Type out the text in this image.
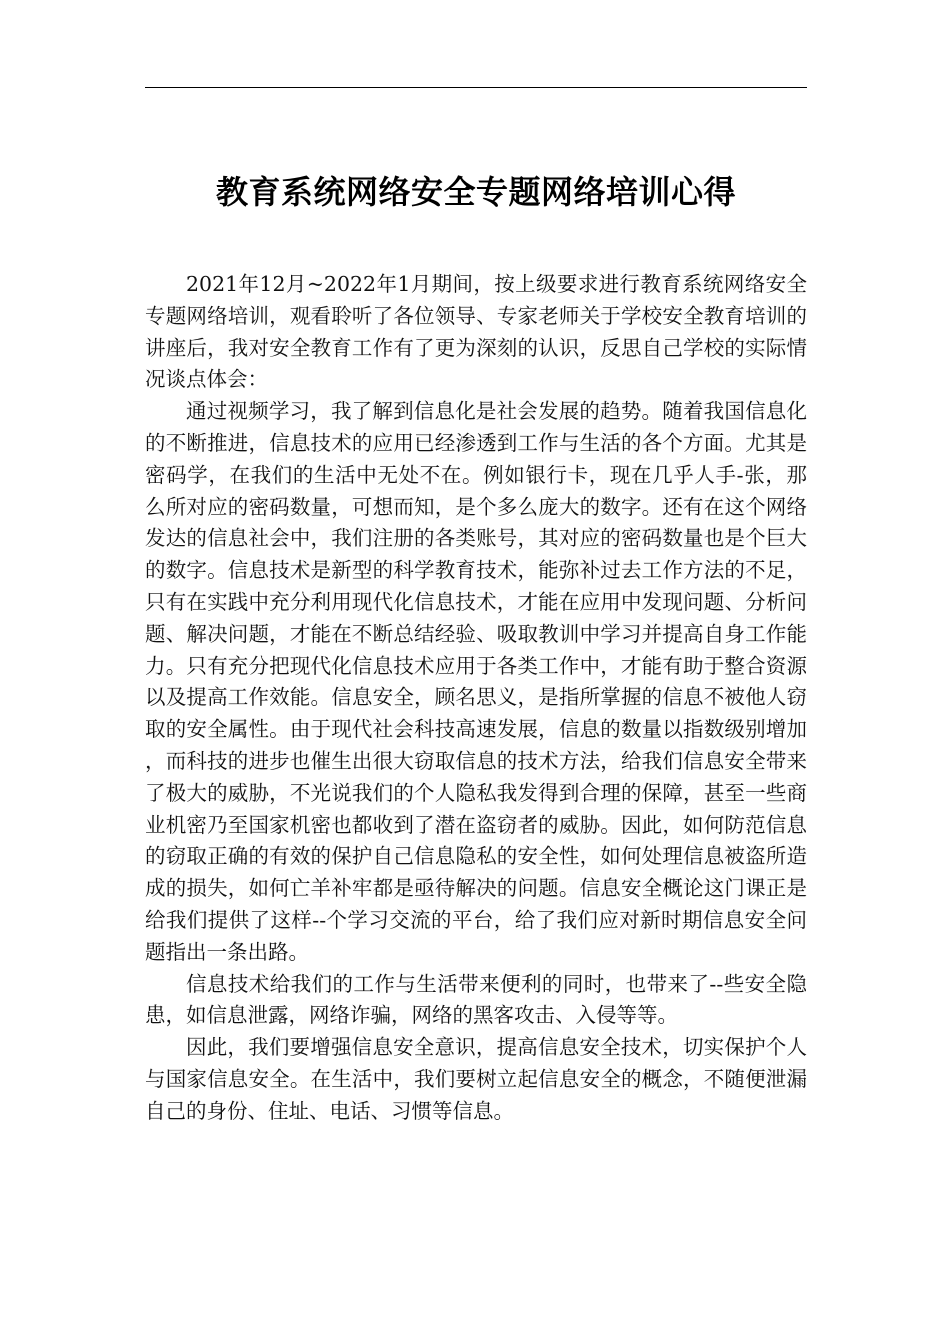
教育系统网络安全专题网络培训心得

2021年12月~2022年1月期间，按上级要求进行教育系统网络安全专题网络培训，观看聆听了各位领导、专家老师关于学校安全教育培训的讲座后，我对安全教育工作有了更为深刻的认识，反思自己学校的实际情况谈点体会：

通过视频学习，我了解到信息化是社会发展的趋势。随着我国信息化的不断推进，信息技术的应用已经渗透到工作与生活的各个方面。尤其是密码学，在我们的生活中无处不在。例如银行卡，现在几乎人手-张，那么所对应的密码数量，可想而知，是个多么庞大的数字。还有在这个网络发达的信息社会中，我们注册的各类账号，其对应的密码数量也是个巨大的数字。信息技术是新型的科学教育技术，能弥补过去工作方法的不足，只有在实践中充分利用现代化信息技术，才能在应用中发现问题、分析问题、解决问题，才能在不断总结经验、吸取教训中学习并提高自身工作能力。只有充分把现代化信息技术应用于各类工作中，才能有助于整合资源以及提高工作效能。信息安全，顾名思义，是指所掌握的信息不被他人窃取的安全属性。由于现代社会科技高速发展，信息的数量以指数级别增加，而科技的进步也催生出很大窃取信息的技术方法，给我们信息安全带来了极大的威胁，不光说我们的个人隐私我发得到合理的保障，甚至一些商业机密乃至国家机密也都收到了潜在盗窃者的威胁。因此，如何防范信息的窃取正确的有效的保护自己信息隐私的安全性，如何处理信息被盗所造成的损失，如何亡羊补牢都是亟待解决的问题。信息安全概论这门课正是给我们提供了这样--个学习交流的平台，给了我们应对新时期信息安全问题指出一条出路。

信息技术给我们的工作与生活带来便利的同时，也带来了--些安全隐患，如信息泄露，网络诈骗，网络的黑客攻击、入侵等等。

因此，我们要增强信息安全意识，提高信息安全技术，切实保护个人与国家信息安全。在生活中，我们要树立起信息安全的概念，不随便泄漏自己的身份、住址、电话、习惯等信息。
